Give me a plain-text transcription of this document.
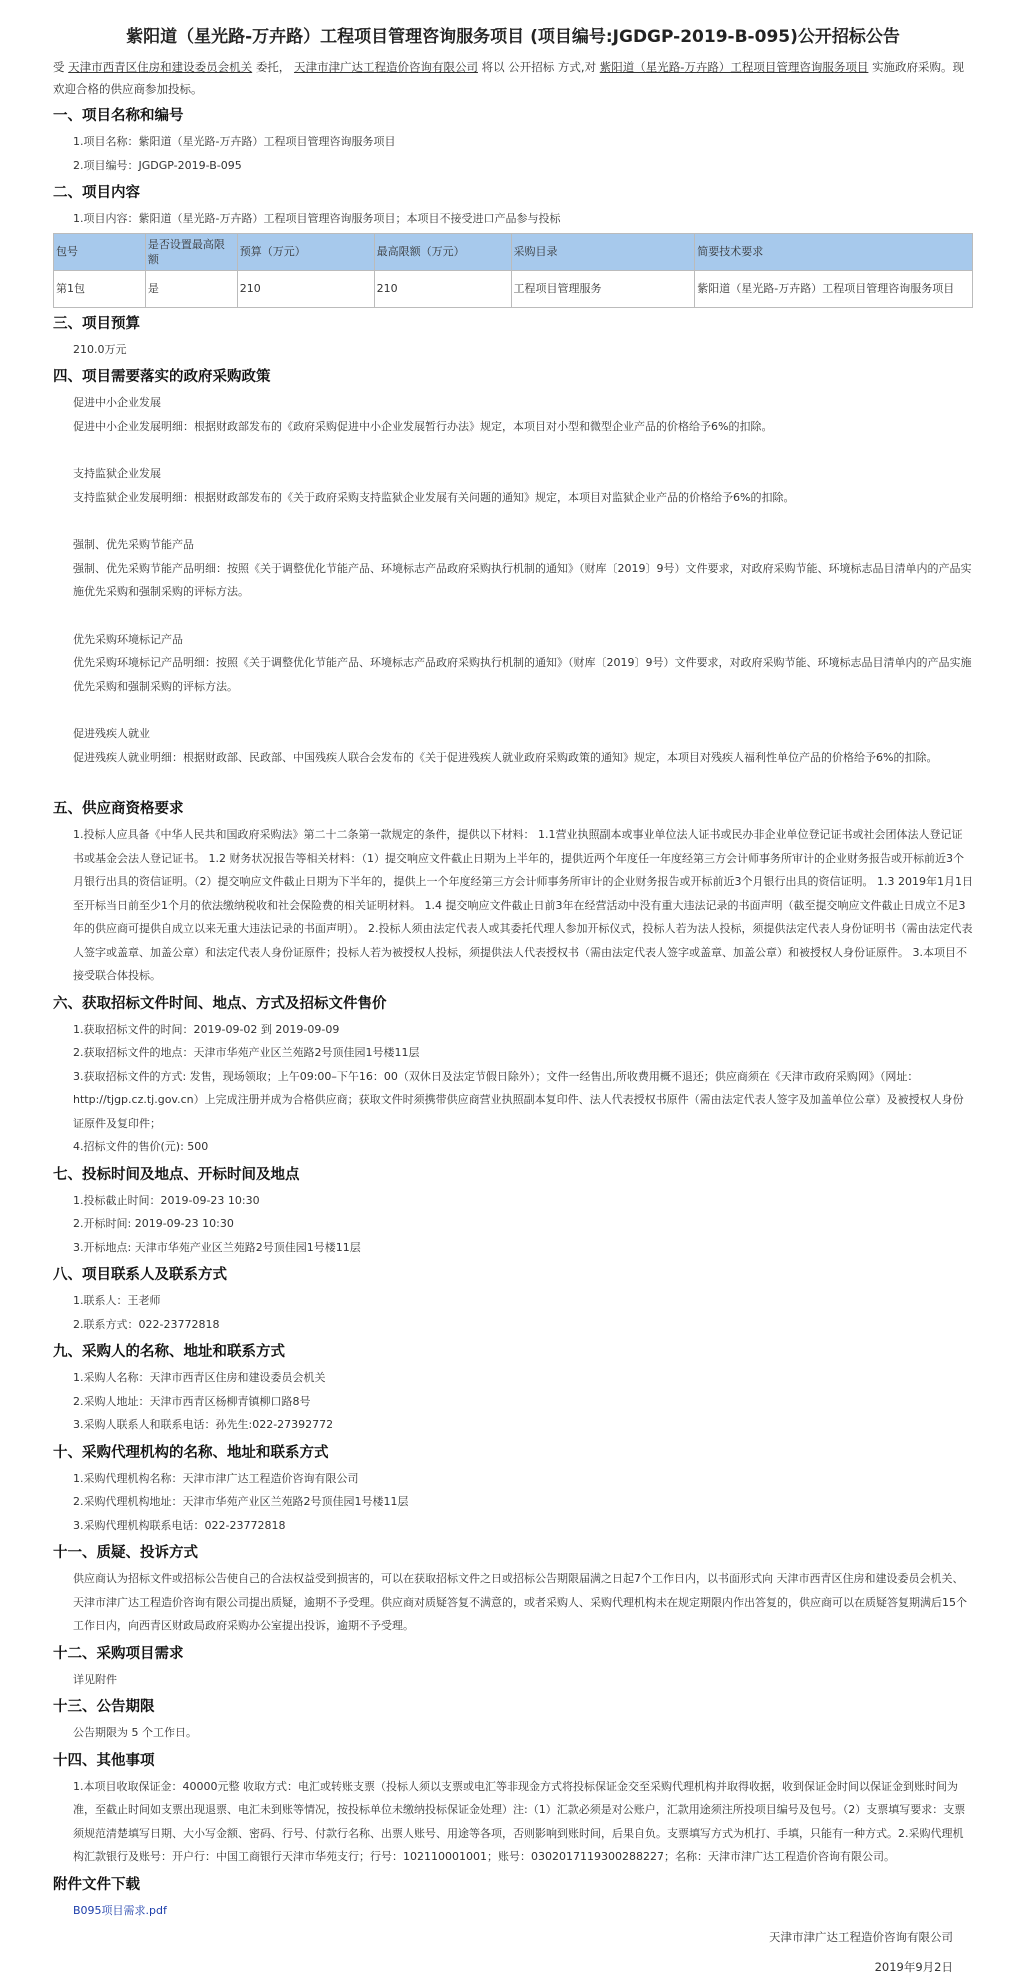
紫阳道（星光路-万卉路）工程项目管理咨询服务项目 (项目编号:JGDGP-2019-B-095)公开招标公告
受 天津市西青区住房和建设委员会机关 委托， 天津市津广达工程造价咨询有限公司 将以 公开招标 方式,对 紫阳道（星光路-万卉路）工程项目管理咨询服务项目 实施政府采购。现欢迎合格的供应商参加投标。
一、项目名称和编号

1.项目名称：紫阳道（星光路-万卉路）工程项目管理咨询服务项目

2.项目编号：JGDGP-2019-B-095

二、项目内容

1.项目内容：紫阳道（星光路-万卉路）工程项目管理咨询服务项目；本项目不接受进口产品参与投标

包号	是否设置最高限额	预算（万元）	最高限额（万元）	采购目录	简要技术要求
第1包	是	210	210	工程项目管理服务	紫阳道（星光路-万卉路）工程项目管理咨询服务项目
三、项目预算

210.0万元

四、项目需要落实的政府采购政策

促进中小企业发展

促进中小企业发展明细：根据财政部发布的《政府采购促进中小企业发展暂行办法》规定，本项目对小型和微型企业产品的价格给予6%的扣除。

支持监狱企业发展

支持监狱企业发展明细：根据财政部发布的《关于政府采购支持监狱企业发展有关问题的通知》规定，本项目对监狱企业产品的价格给予6%的扣除。

强制、优先采购节能产品

强制、优先采购节能产品明细：按照《关于调整优化节能产品、环境标志产品政府采购执行机制的通知》（财库〔2019〕9号）文件要求，对政府采购节能、环境标志品目清单内的产品实施优先采购和强制采购的评标方法。

优先采购环境标记产品

优先采购环境标记产品明细：按照《关于调整优化节能产品、环境标志产品政府采购执行机制的通知》（财库〔2019〕9号）文件要求，对政府采购节能、环境标志品目清单内的产品实施优先采购和强制采购的评标方法。

促进残疾人就业

促进残疾人就业明细：根据财政部、民政部、中国残疾人联合会发布的《关于促进残疾人就业政府采购政策的通知》规定，本项目对残疾人福利性单位产品的价格给予6%的扣除。

五、供应商资格要求

1.投标人应具备《中华人民共和国政府采购法》第二十二条第一款规定的条件，提供以下材料： 1.1营业执照副本或事业单位法人证书或民办非企业单位登记证书或社会团体法人登记证书或基金会法人登记证书。 1.2 财务状况报告等相关材料：（1）提交响应文件截止日期为上半年的，提供近两个年度任一年度经第三方会计师事务所审计的企业财务报告或开标前近3个月银行出具的资信证明。（2）提交响应文件截止日期为下半年的，提供上一个年度经第三方会计师事务所审计的企业财务报告或开标前近3个月银行出具的资信证明。 1.3 2019年1月1日至开标当日前至少1个月的依法缴纳税收和社会保险费的相关证明材料。 1.4 提交响应文件截止日前3年在经营活动中没有重大违法记录的书面声明（截至提交响应文件截止日成立不足3年的供应商可提供自成立以来无重大违法记录的书面声明）。 2.投标人须由法定代表人或其委托代理人参加开标仪式，投标人若为法人投标，须提供法定代表人身份证明书（需由法定代表人签字或盖章、加盖公章）和法定代表人身份证原件；投标人若为被授权人投标，须提供法人代表授权书（需由法定代表人签字或盖章、加盖公章）和被授权人身份证原件。 3.本项目不接受联合体投标。

六、获取招标文件时间、地点、方式及招标文件售价

1.获取招标文件的时间：2019-09-02 到 2019-09-09

2.获取招标文件的地点：天津市华苑产业区兰苑路2号顶佳园1号楼11层

3.获取招标文件的方式: 发售，现场领取；上午09:00–下午16：00（双休日及法定节假日除外）；文件一经售出,所收费用概不退还；供应商须在《天津市政府采购网》（网址：http://tjgp.cz.tj.gov.cn）上完成注册并成为合格供应商；获取文件时须携带供应商营业执照副本复印件、法人代表授权书原件（需由法定代表人签字及加盖单位公章）及被授权人身份证原件及复印件；

4.招标文件的售价(元): 500

七、投标时间及地点、开标时间及地点

1.投标截止时间：2019-09-23 10:30

2.开标时间: 2019-09-23 10:30

3.开标地点: 天津市华苑产业区兰苑路2号顶佳园1号楼11层

八、项目联系人及联系方式

1.联系人：王老师

2.联系方式：022-23772818

九、采购人的名称、地址和联系方式

1.采购人名称：天津市西青区住房和建设委员会机关

2.采购人地址：天津市西青区杨柳青镇柳口路8号

3.采购人联系人和联系电话：孙先生:022-27392772

十、采购代理机构的名称、地址和联系方式

1.采购代理机构名称：天津市津广达工程造价咨询有限公司

2.采购代理机构地址：天津市华苑产业区兰苑路2号顶佳园1号楼11层

3.采购代理机构联系电话：022-23772818

十一、质疑、投诉方式

供应商认为招标文件或招标公告使自己的合法权益受到损害的，可以在获取招标文件之日或招标公告期限届满之日起7个工作日内，以书面形式向 天津市西青区住房和建设委员会机关、天津市津广达工程造价咨询有限公司提出质疑，逾期不予受理。供应商对质疑答复不满意的，或者采购人、采购代理机构未在规定期限内作出答复的，供应商可以在质疑答复期满后15个工作日内，向西青区财政局政府采购办公室提出投诉，逾期不予受理。

十二、采购项目需求

详见附件

十三、公告期限

公告期限为 5 个工作日。

十四、其他事项

1.本项目收取保证金：40000元整 收取方式：电汇或转账支票（投标人须以支票或电汇等非现金方式将投标保证金交至采购代理机构并取得收据，收到保证金时间以保证金到账时间为准，至截止时间如支票出现退票、电汇未到账等情况，按投标单位未缴纳投标保证金处理）注:（1）汇款必须是对公账户，汇款用途须注所投项目编号及包号。（2）支票填写要求：支票须规范清楚填写日期、大小写金额、密码、行号、付款行名称、出票人账号、用途等各项，否则影响到账时间，后果自负。支票填写方式为机打、手填，只能有一种方式。2.采购代理机构汇款银行及账号：开户行：中国工商银行天津市华苑支行；行号：102110001001；账号：0302017119300288227；名称：天津市津广达工程造价咨询有限公司。

附件文件下载
B095项目需求.pdf
天津市津广达工程造价咨询有限公司
2019年9月2日
